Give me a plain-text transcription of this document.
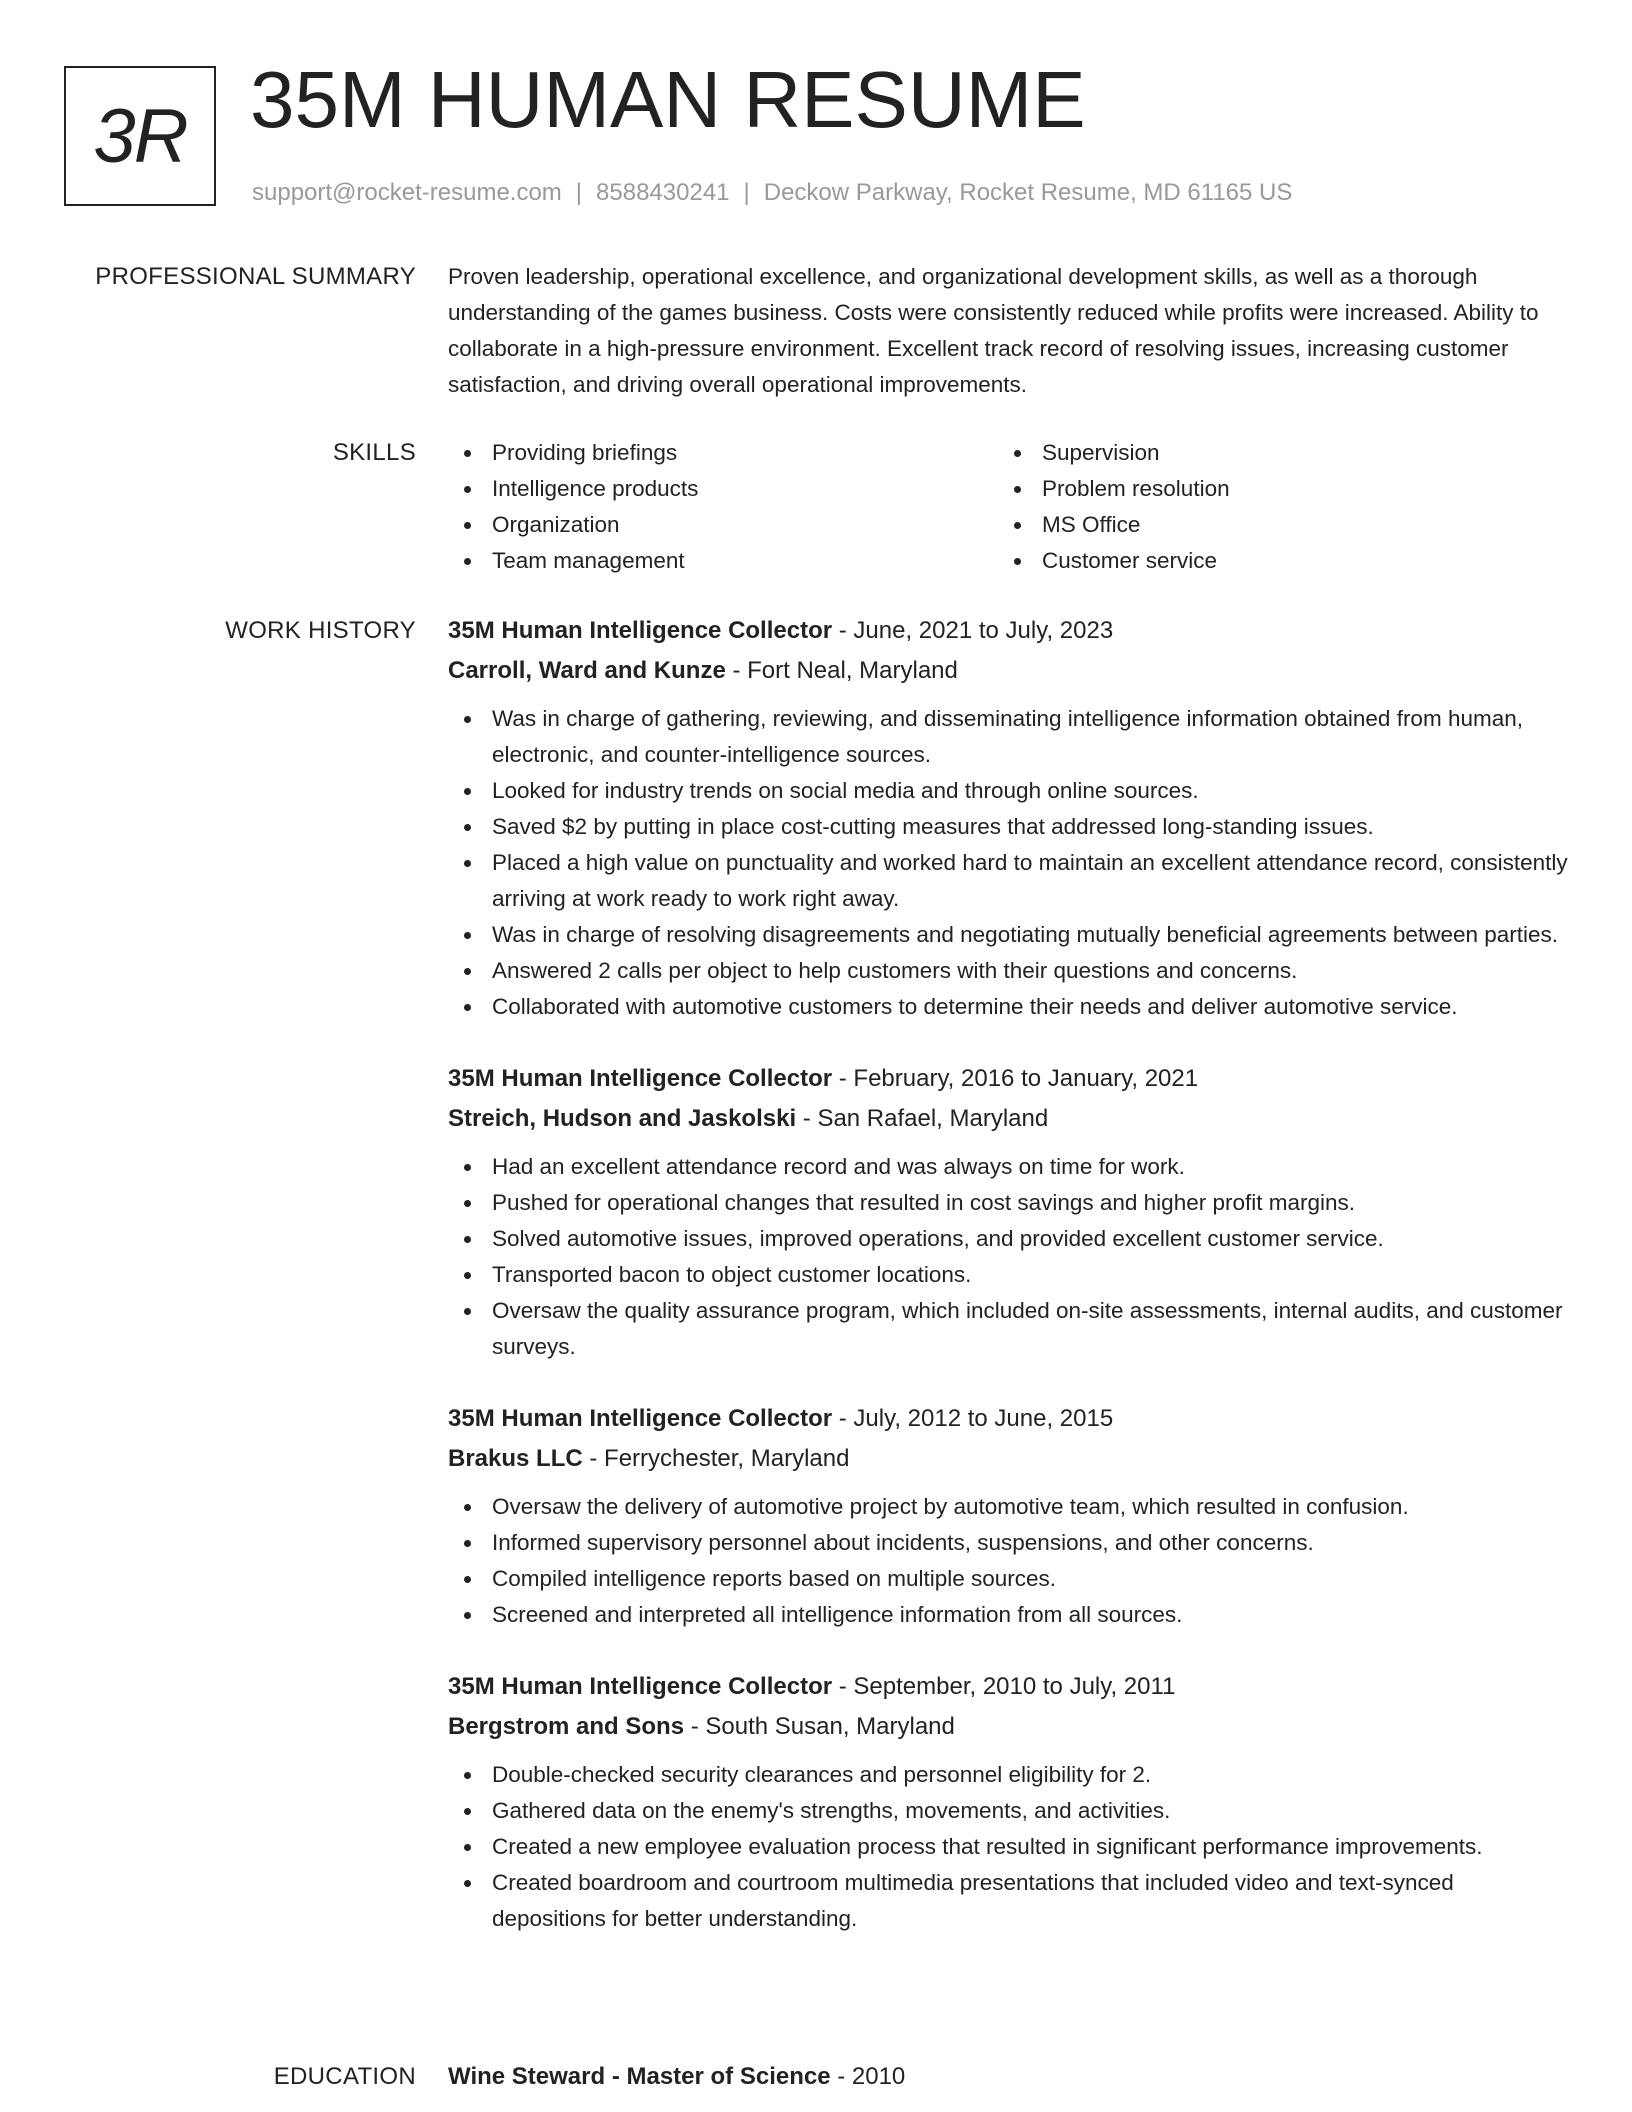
3R 35M HUMAN RESUME
support@rocket-resume.com | 8588430241 | Deckow Parkway, Rocket Resume, MD 61165 US
PROFESSIONAL SUMMARY Proven leadership, operational excellence, and organizational development skills, as well as a thorough understanding of the games business. Costs were consistently reduced while profits were increased. Ability to collaborate in a high-pressure environment. Excellent track record of resolving issues, increasing customer satisfaction, and driving overall operational improvements.

SKILLS	Providing briefings
Intelligence products
Organization
Team management
Supervision
Problem resolution
MS Office
Customer service
WORK HISTORY 35M Human Intelligence Collector - June, 2021 to July, 2023
Carroll, Ward and Kunze - Fort Neal, Maryland
Was in charge of gathering, reviewing, and disseminating intelligence information obtained from human, electronic, and counter-intelligence sources.
Looked for industry trends on social media and through online sources.
Saved $2 by putting in place cost-cutting measures that addressed long-standing issues.
Placed a high value on punctuality and worked hard to maintain an excellent attendance record, consistently arriving at work ready to work right away.
Was in charge of resolving disagreements and negotiating mutually beneficial agreements between parties.
Answered 2 calls per object to help customers with their questions and concerns.
Collaborated with automotive customers to determine their needs and deliver automotive service.
35M Human Intelligence Collector - February, 2016 to January, 2021
Streich, Hudson and Jaskolski - San Rafael, Maryland
Had an excellent attendance record and was always on time for work.
Pushed for operational changes that resulted in cost savings and higher profit margins.
Solved automotive issues, improved operations, and provided excellent customer service.
Transported bacon to object customer locations.
Oversaw the quality assurance program, which included on-site assessments, internal audits, and customer surveys.
35M Human Intelligence Collector - July, 2012 to June, 2015
Brakus LLC - Ferrychester, Maryland
Oversaw the delivery of automotive project by automotive team, which resulted in confusion.
Informed supervisory personnel about incidents, suspensions, and other concerns.
Compiled intelligence reports based on multiple sources.
Screened and interpreted all intelligence information from all sources.
35M Human Intelligence Collector - September, 2010 to July, 2011
Bergstrom and Sons - South Susan, Maryland
Double-checked security clearances and personnel eligibility for 2.
Gathered data on the enemy's strengths, movements, and activities.
Created a new employee evaluation process that resulted in significant performance improvements.
Created boardroom and courtroom multimedia presentations that included video and text-synced depositions for better understanding.
EDUCATION Wine Steward - Master of Science - 2010
